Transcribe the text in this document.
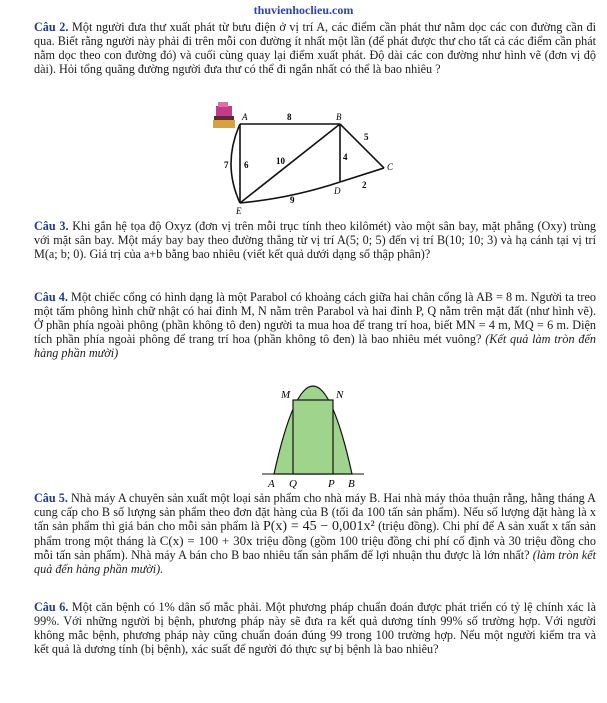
thuvienhoclieu.com

Câu 2. Một người đưa thư xuất phát từ bưu điện ở vị trí A, các điểm cần phát thư nằm dọc các con đường cần đi qua. Biết rằng người này phải đi trên mỗi con đường ít nhất một lần (để phát được thư cho tất cả các điểm cần phát nằm dọc theo con đường đó) và cuối cùng quay lại điểm xuất phát. Độ dài các con đường như hình vẽ (đơn vị độ dài). Hỏi tổng quãng đường người đưa thư có thể đi ngắn nhất có thể là bao nhiêu ?

A	B
C
D
E
8
5
4
2
9
7 6	10

Câu 3. Khi gắn hệ tọa độ Oxyz (đơn vị trên mỗi trục tính theo kilômét) vào một sân bay, mặt phẳng (Oxy) trùng với mặt sân bay. Một máy bay bay theo đường thẳng từ vị trí A(5; 0; 5) đến vị trí B(10; 10; 3) và hạ cánh tại vị trí M(a; b; 0). Giá trị của a+b bằng bao nhiêu (viết kết quả dưới dạng số thập phân)?

Câu 4. Một chiếc cổng có hình dạng là một Parabol có khoảng cách giữa hai chân cổng là AB = 8 m. Người ta treo một tấm phông hình chữ nhật có hai đỉnh M, N nằm trên Parabol và hai đỉnh P, Q nằm trên mặt đất (như hình vẽ). Ở phần phía ngoài phông (phần không tô đen) người ta mua hoa để trang trí hoa, biết MN = 4 m, MQ = 6 m. Diện tích phần phía ngoài phông để trang trí hoa (phần không tô đen) là bao nhiêu mét vuông? (Kết quả làm tròn đến hàng phần mười)

M	N
A Q	P B

Câu 5. Nhà máy A chuyên sản xuất một loại sản phẩm cho nhà máy B. Hai nhà máy thỏa thuận rằng, hằng tháng A cung cấp cho B số lượng sản phẩm theo đơn đặt hàng của B (tối đa 100 tấn sản phẩm). Nếu số lượng đặt hàng là x tấn sản phẩm thì giá bán cho mỗi sản phẩm là P(x) = 45 − 0,001x² (triệu đồng). Chi phí để A sản xuất x tấn sản phẩm trong một tháng là C(x) = 100 + 30x triệu đồng (gồm 100 triệu đồng chi phí cố định và 30 triệu đồng cho mỗi tấn sản phẩm). Nhà máy A bán cho B bao nhiêu tấn sản phẩm để lợi nhuận thu được là lớn nhất? (làm tròn kết quả đến hàng phần mười).

Câu 6. Một căn bệnh có 1% dân số mắc phải. Một phương pháp chuẩn đoán được phát triển có tỷ lệ chính xác là 99%. Với những người bị bệnh, phương pháp này sẽ đưa ra kết quả dương tính 99% số trường hợp. Với người không mắc bệnh, phương pháp này cũng chuẩn đoán đúng 99 trong 100 trường hợp. Nếu một người kiểm tra và kết quả là dương tính (bị bệnh), xác suất để người đó thực sự bị bệnh là bao nhiêu?
